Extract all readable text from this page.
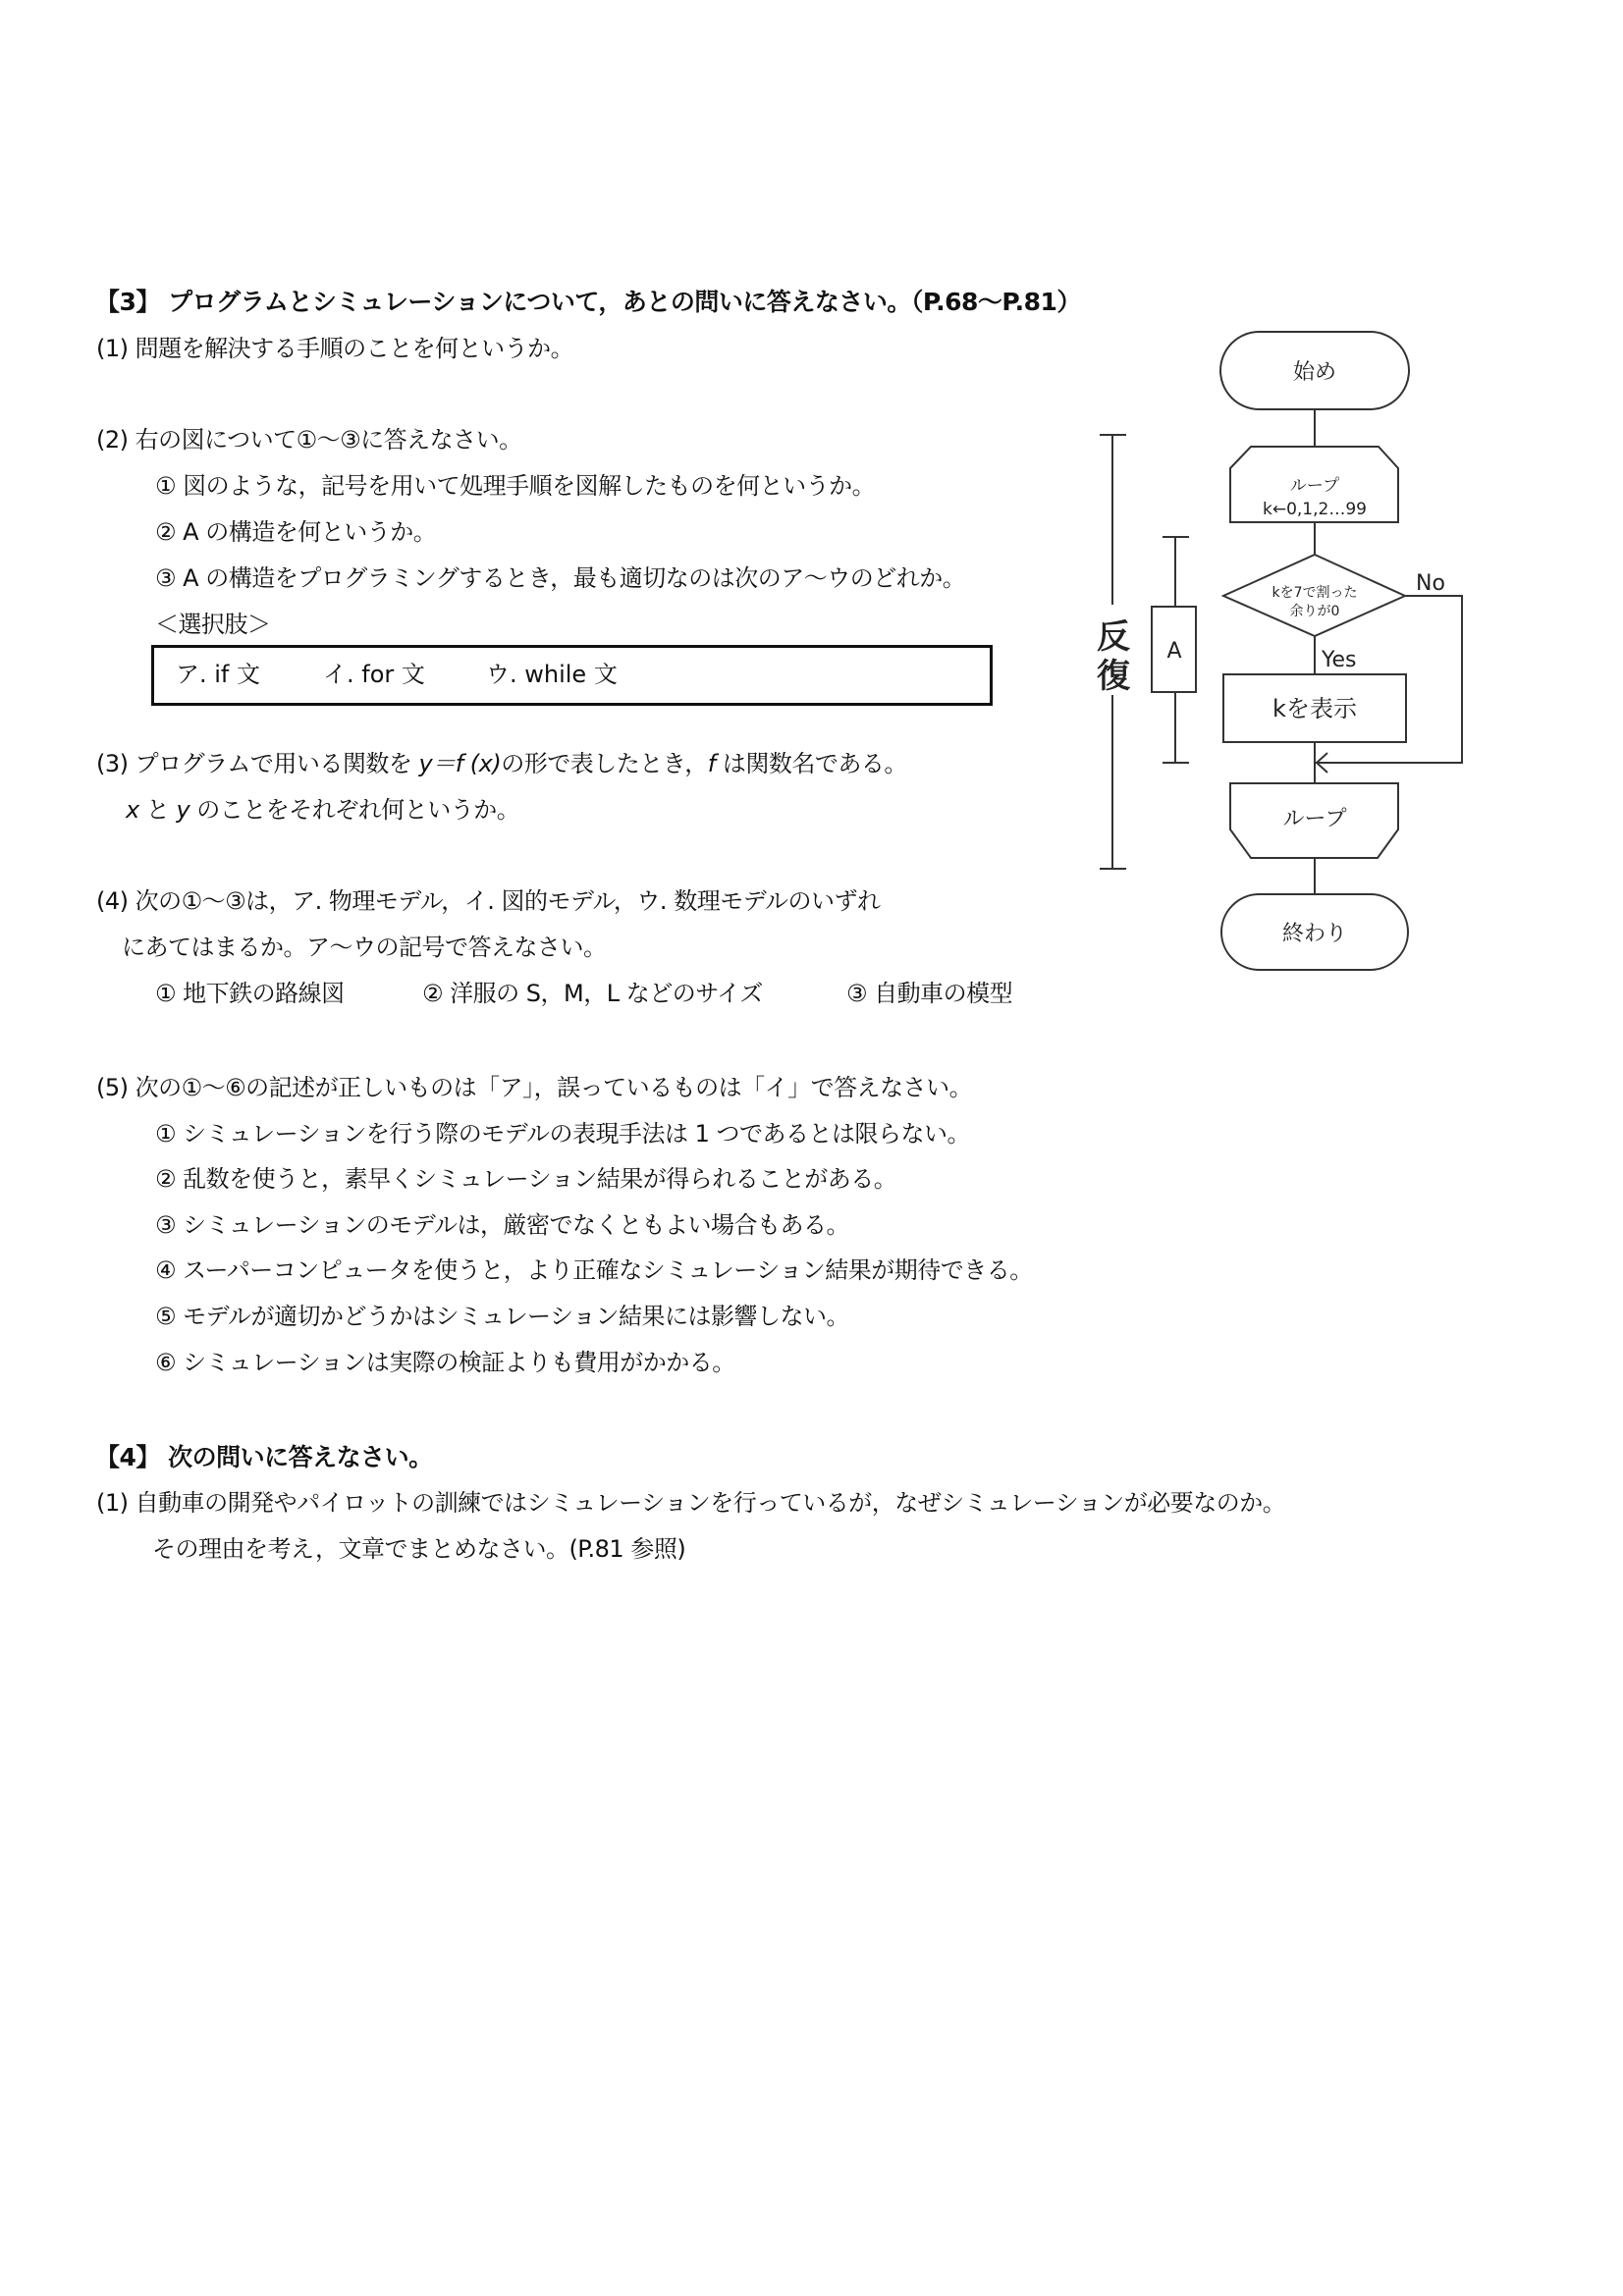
【3】 プログラムとシミュレーションについて，あとの問いに答えなさい。（P.68～P.81）
(1) 問題を解決する手順のことを何というか。
(2) 右の図について①～③に答えなさい。
① 図のような，記号を用いて処理手順を図解したものを何というか。
② A の構造を何というか。
③ A の構造をプログラミングするとき，最も適切なのは次のア～ウのどれか。
＜選択肢＞
ア. if 文	イ. for 文	ウ. while 文
(3) プログラムで用いる関数を y＝f (x)の形で表したとき，f は関数名である。
x と y のことをそれぞれ何というか。
(4) 次の①～③は，ア. 物理モデル，イ. 図的モデル，ウ. 数理モデルのいずれ
にあてはまるか。ア～ウの記号で答えなさい。
① 地下鉄の路線図	② 洋服の S，M，L などのサイズ	③ 自動車の模型
(5) 次の①～⑥の記述が正しいものは「ア」，誤っているものは「イ」で答えなさい。
① シミュレーションを行う際のモデルの表現手法は 1 つであるとは限らない。
② 乱数を使うと，素早くシミュレーション結果が得られることがある。
③ シミュレーションのモデルは，厳密でなくともよい場合もある。
④ スーパーコンピュータを使うと，より正確なシミュレーション結果が期待できる。
⑤ モデルが適切かどうかはシミュレーション結果には影響しない。
⑥ シミュレーションは実際の検証よりも費用がかかる。
【4】 次の問いに答えなさい。
(1) 自動車の開発やパイロットの訓練ではシミュレーションを行っているが，なぜシミュレーションが必要なのか。
その理由を考え，文章でまとめなさい。(P.81 参照)
始め
ループ
k←0,1,2…99
kを7で割った
余りが0
No
Yes
kを表示
ループ
終わり
反
復
A
